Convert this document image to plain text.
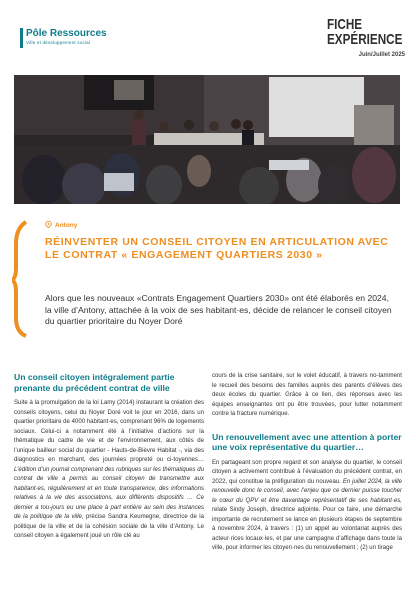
Pôle Ressources
Ville et développement social
FICHE
EXPÉRIENCE
Juin/Juillet 2025
Antony
RÉINVENTER UN CONSEIL CITOYEN EN ARTICULATION AVEC LE CONTRAT « ENGAGEMENT QUARTIERS 2030 »

Alors que les nouveaux «Contrats Engagement Quartiers 2030» ont été élaborés en 2024, la ville d’Antony, attachée à la voix de ses habitant·es, décide de relancer le conseil citoyen du quartier prioritaire du Noyer Doré

Un conseil citoyen intégralement partie prenante du précédent contrat de ville

Suite à la promulgation de la loi Lamy (2014) instaurant la création des conseils citoyens, celui du Noyer Doré voit le jour en 2016, dans un quartier prioritaire de 4000 habitant·es, comprenant 96% de logements sociaux. Celui-ci a notamment été à l’initiative d’actions sur la thématique du cadre de vie et de l’environnement, aux côtés de l’unique bailleur social du quartier - Hauts-de-Bièvre Habitat -, via des diagnostics en marchant, des journées propreté ou ci-toyennes… L’édition d’un journal comprenant des rubriques sur les thématiques du contrat de ville a permis au conseil citoyen de transmettre aux habitant·es, régulièrement et en toute transparence, des informations relatives à la vie des associations, aux différents dispositifs … Ce dernier a tou-jours eu une place à part entière au sein des instances de la politique de la ville, précise Sandra Keumegne, directrice de la politique de la ville et de la cohésion sociale de la ville d’Antony. Le conseil citoyen a également joué un rôle clé au

cours de la crise sanitaire, sur le volet éducatif, à travers no-tamment le recueil des besoins des familles auprès des parents d’élèves des deux écoles du quartier. Grâce à ce lien, des réponses avec les équipes enseignantes ont pu être trouvées, pour lutter notamment contre la fracture numérique.

Un renouvellement avec une attention à porter une voix représentative du quartier…

En partageant son propre regard et son analyse du quartier, le conseil citoyen a activement contribué à l’évaluation du précédent contrat, en 2022, qui constitue la préfiguration du nouveau. En juillet 2024, la ville renouvelle donc le conseil, avec l’enjeu que ce dernier puisse toucher le cœur du QPV et être davantage représentatif de ses habitant·es, relate Sindy Joseph, directrice adjointe. Pour ce faire, une démarche importante de recrutement se lance en plusieurs étapes de septembre à novembre 2024, à travers : (1) un appel au volontariat auprès des acteur·rices locaux·les, et par une campagne d’affichage dans toute la ville, pour informer les citoyen·nes du renouvellement ; (2) un tirage
